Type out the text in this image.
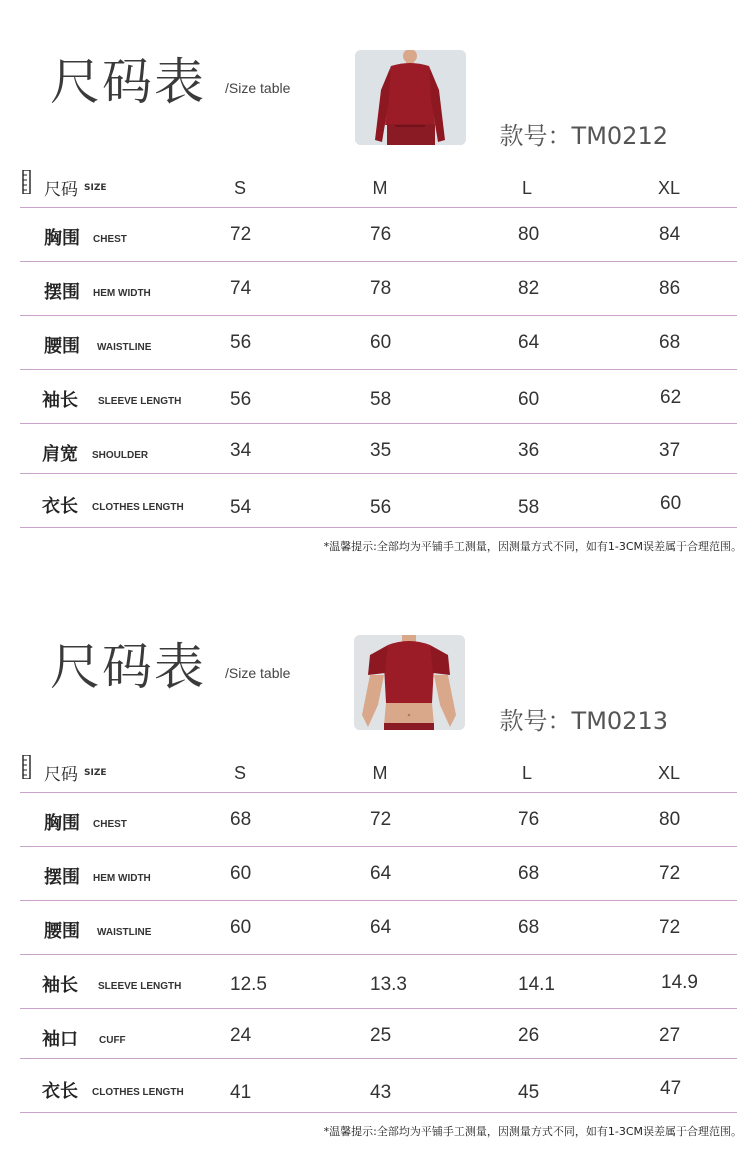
尺码表 /Size table
款号：TM0212
尺码 SIZE	S	M	L	XL
胸围 CHEST	72	76	80	84
摆围 HEM WIDTH	74	78	82	86
腰围 WAISTLINE	56	60	64	68
袖长 SLEEVE LENGTH	56	58	60	62
肩宽 SHOULDER	34	35	36	37
衣长 CLOTHES LENGTH 54	56	58	60
*温馨提示:全部均为平铺手工测量，因测量方式不同，如有1-3CM误差属于合理范围。
尺码表 /Size table
款号：TM0213
尺码 SIZE	S	M	L	XL
胸围 CHEST	68	72	76	80
摆围 HEM WIDTH	60	64	68	72
腰围 WAISTLINE	60	64	68	72
袖长 SLEEVE LENGTH	12.5	13.3	14.1	14.9
袖口 CUFF	24	25	26	27
衣长 CLOTHES LENGTH 41	43	45	47
*温馨提示:全部均为平铺手工测量，因测量方式不同，如有1-3CM误差属于合理范围。
